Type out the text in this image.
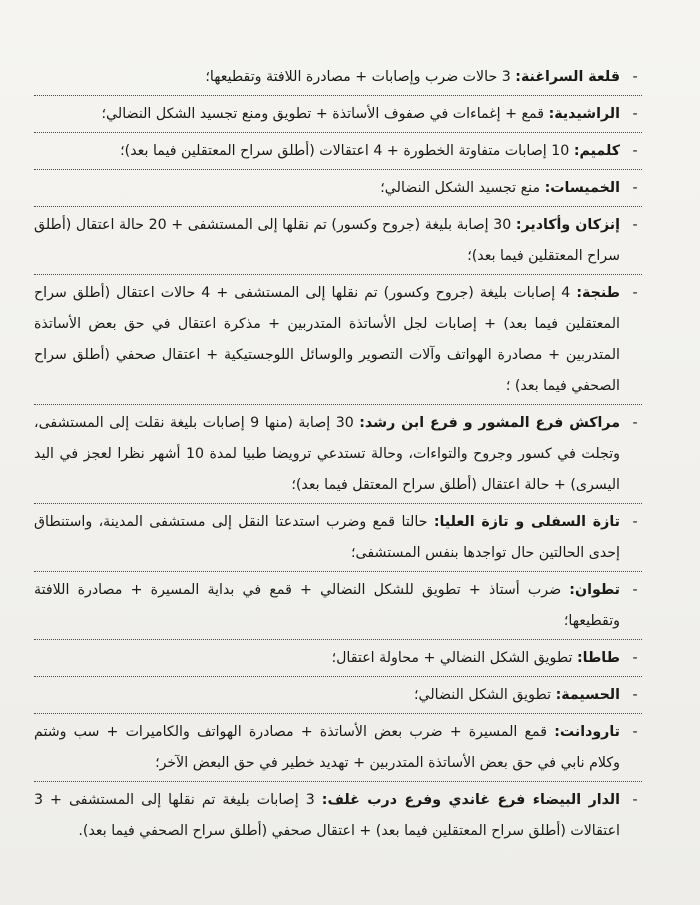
-
قلعة السراغنة: 3 حالات ضرب وإصابات + مصادرة اللافتة وتقطيعها؛
-
الراشيدية: قمع + إغماءات في صفوف الأساتذة + تطويق ومنع تجسيد الشكل النضالي؛
-
كلميم: 10 إصابات متفاوتة الخطورة + 4 اعتقالات (أطلق سراح المعتقلين فيما بعد)؛
-
الخميسات: منع تجسيد الشكل النضالي؛
-
إنزكان وأكادير: 30 إصابة بليغة (جروح وكسور) تم نقلها إلى المستشفى + 20 حالة اعتقال (أطلق سراح المعتقلين فيما بعد)؛
-
طنجة: 4 إصابات بليغة (جروح وكسور) تم نقلها إلى المستشفى + 4 حالات اعتقال (أطلق سراح المعتقلين فيما بعد) + إصابات لجل الأساتذة المتدربين + مذكرة اعتقال في حق بعض الأساتذة المتدربين + مصادرة الهواتف وآلات التصوير والوسائل اللوجستيكية + اعتقال صحفي (أطلق سراح الصحفي فيما بعد) ؛
-
مراكش فرع المشور و فرع ابن رشد: 30 إصابة (منها 9 إصابات بليغة نقلت إلى المستشفى، وتجلت في كسور وجروح والتواءات، وحالة تستدعي ترويضا طبيا لمدة 10 أشهر نظرا لعجز في اليد اليسرى) + حالة اعتقال (أطلق سراح المعتقل فيما بعد)؛
-
تازة السفلى و تازة العليا: حالتا قمع وضرب استدعتا النقل إلى مستشفى المدينة، واستنطاق إحدى الحالتين حال تواجدها بنفس المستشفى؛
-
تطوان: ضرب أستاذ + تطويق للشكل النضالي + قمع في بداية المسيرة + مصادرة اللافتة وتقطيعها؛
-
طاطا: تطويق الشكل النضالي + محاولة اعتقال؛
-
الحسيمة: تطويق الشكل النضالي؛
-
تارودانت: قمع المسيرة + ضرب بعض الأساتذة + مصادرة الهواتف والكاميرات + سب وشتم وكلام نابي في حق بعض الأساتذة المتدربين + تهديد خطير في حق البعض الآخر؛
-
الدار البيضاء فرع غاندي وفرع درب غلف: 3 إصابات بليغة تم نقلها إلى المستشفى + 3 اعتقالات (أطلق سراح المعتقلين فيما بعد) + اعتقال صحفي (أطلق سراح الصحفي فيما بعد).
